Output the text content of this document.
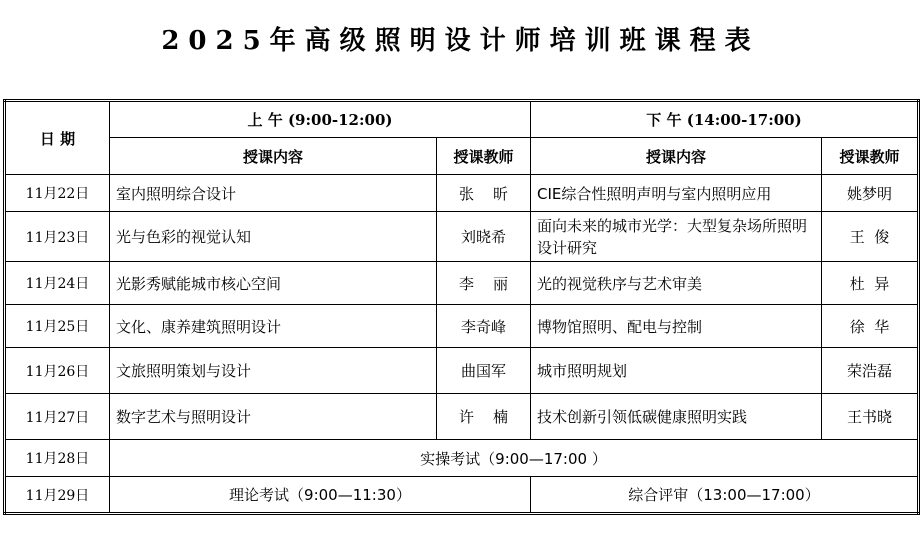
2025年高级照明设计师培训班课程表
日 期	上 午 (9:00-12:00)		下 午 (14:00-17:00)	
	授课内容	授课教师	授课内容	授课教师
11月22日	室内照明综合设计	张    昕	CIE综合性照明声明与室内照明应用	姚梦明
11月23日	光与色彩的视觉认知	刘晓希	面向未来的城市光学：大型复杂场所照明设计研究	王  俊
11月24日	光影秀赋能城市核心空间	李    丽	光的视觉秩序与艺术审美	杜  异
11月25日	文化、康养建筑照明设计	李奇峰	博物馆照明、配电与控制	徐  华
11月26日	文旅照明策划与设计	曲国军	城市照明规划	荣浩磊
11月27日	数字艺术与照明设计	许    楠	技术创新引领低碳健康照明实践	王书晓
11月28日	实操考试（9:00—17:00 ）			
11月29日	理论考试（9:00—11:30）		综合评审（13:00—17:00）	
